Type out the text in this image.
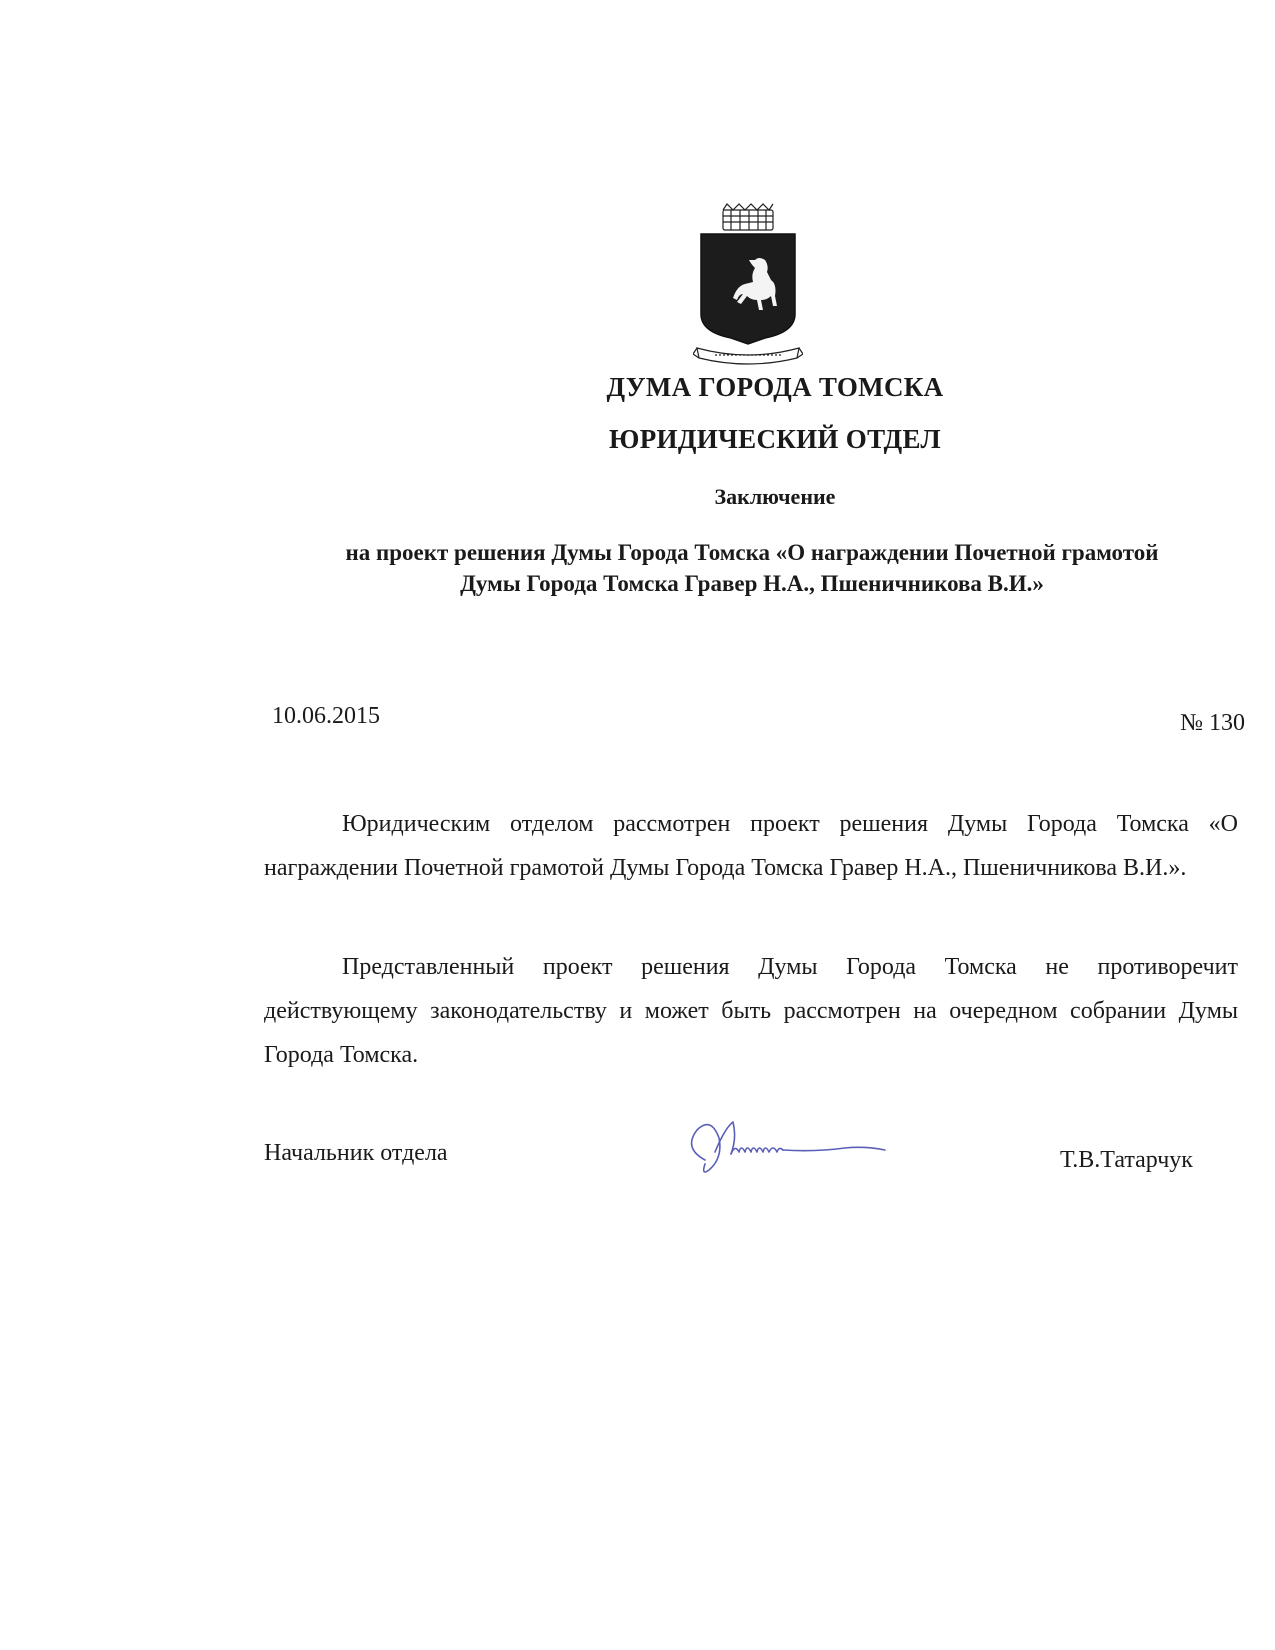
ДУМА ГОРОДА ТОМСКА
ЮРИДИЧЕСКИЙ ОТДЕЛ
Заключение
на проект решения Думы Города Томска «О награждении Почетной грамотой
Думы Города Томска Гравер Н.А., Пшеничникова В.И.»
10.06.2015	№ 130

Юридическим отделом рассмотрен проект решения Думы Города Томска «О награждении Почетной грамотой Думы Города Томска Гравер Н.А., Пшеничникова В.И.».

Представленный проект решения Думы Города Томска не противоречит действующему законодательству и может быть рассмотрен на очередном собрании Думы Города Томска.

Начальник отдела	Т.В.Татарчук
